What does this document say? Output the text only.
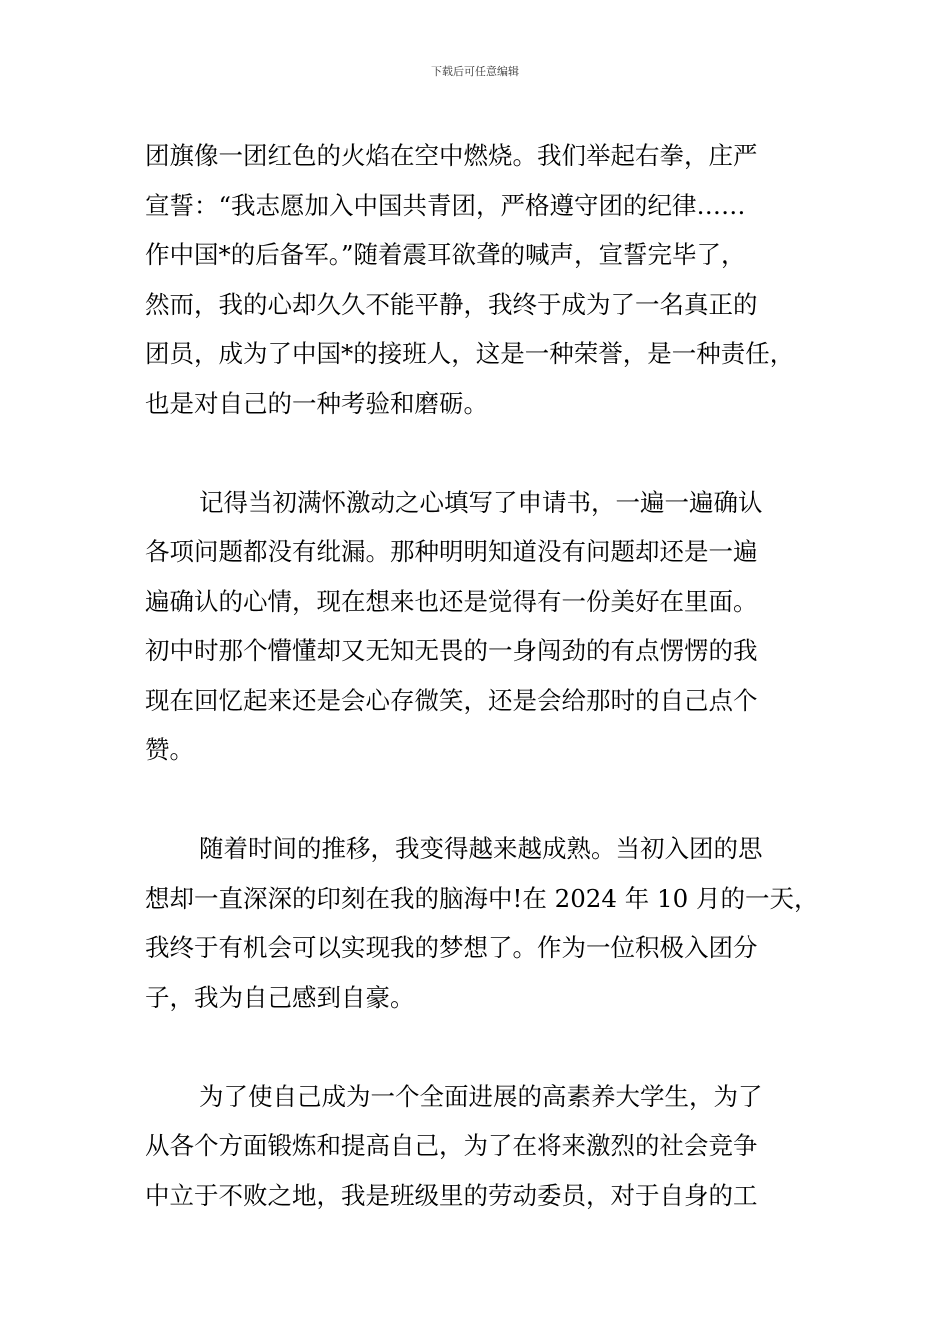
下载后可任意编辑
团旗像一团红色的火焰在空中燃烧。我们举起右拳，庄严
宣誓：“我志愿加入中国共青团，严格遵守团的纪律……
作中国*的后备军。”随着震耳欲聋的喊声，宣誓完毕了，
然而，我的心却久久不能平静，我终于成为了一名真正的
团员，成为了中国*的接班人，这是一种荣誉，是一种责任，
也是对自己的一种考验和磨砺。
记得当初满怀激动之心填写了申请书，一遍一遍确认
各项问题都没有纰漏。那种明明知道没有问题却还是一遍
遍确认的心情，现在想来也还是觉得有一份美好在里面。
初中时那个懵懂却又无知无畏的一身闯劲的有点愣愣的我
现在回忆起来还是会心存微笑，还是会给那时的自己点个
赞。
随着时间的推移，我变得越来越成熟。当初入团的思
想却一直深深的印刻在我的脑海中!在 2024 年 10 月的一天，
我终于有机会可以实现我的梦想了。作为一位积极入团分
子，我为自己感到自豪。
为了使自己成为一个全面进展的高素养大学生，为了
从各个方面锻炼和提高自己，为了在将来激烈的社会竞争
中立于不败之地，我是班级里的劳动委员，对于自身的工
